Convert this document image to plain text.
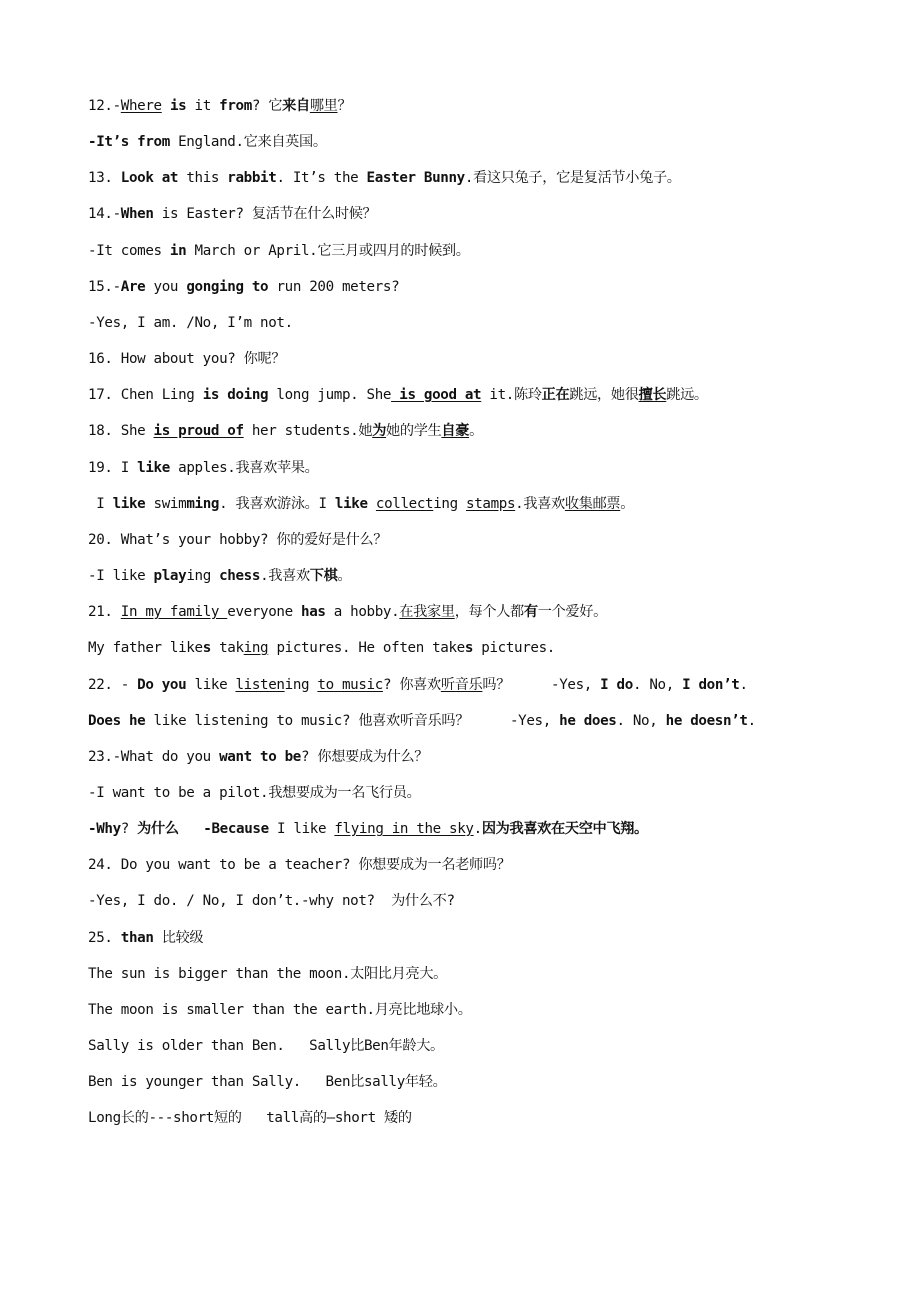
12.-Where is it from? 它来自哪里？
-It’s from England.它来自英国。
13. Look at this rabbit. It’s the Easter Bunny.看这只兔子，它是复活节小兔子。
14.-When is Easter? 复活节在什么时候？
-It comes in March or April.它三月或四月的时候到。
15.-Are you gonging to run 200 meters?
-Yes, I am. /No, I’m not.
16. How about you? 你呢？
17. Chen Ling is doing long jump. She is good at it.陈玲正在跳远，她很擅长跳远。
18. She is proud of her students.她为她的学生自豪。
19. I like apples.我喜欢苹果。
I like swimming. 我喜欢游泳。I like collecting stamps.我喜欢收集邮票。
20. What’s your hobby? 你的爱好是什么？
-I like playing chess.我喜欢下棋。
21. In my family everyone has a hobby.在我家里，每个人都有一个爱好。
My father likes taking pictures. He often takes pictures.
22. - Do you like listening to music? 你喜欢听音乐吗？     -Yes, I do. No, I don’t.
Does he like listening to music? 他喜欢听音乐吗？     -Yes, he does. No, he doesn’t.
23.-What do you want to be? 你想要成为什么？
-I want to be a pilot.我想要成为一名飞行员。
-Why? 为什么 -Because I like flying in the sky.因为我喜欢在天空中飞翔。
24. Do you want to be a teacher? 你想要成为一名老师吗？
-Yes, I do. / No, I don’t.-why not?  为什么不?
25. than 比较级
The sun is bigger than the moon.太阳比月亮大。
The moon is smaller than the earth.月亮比地球小。
Sally is older than Ben.   Sally比Ben年龄大。
Ben is younger than Sally.   Ben比sally年轻。
Long长的---short短的   tall高的—short 矮的
